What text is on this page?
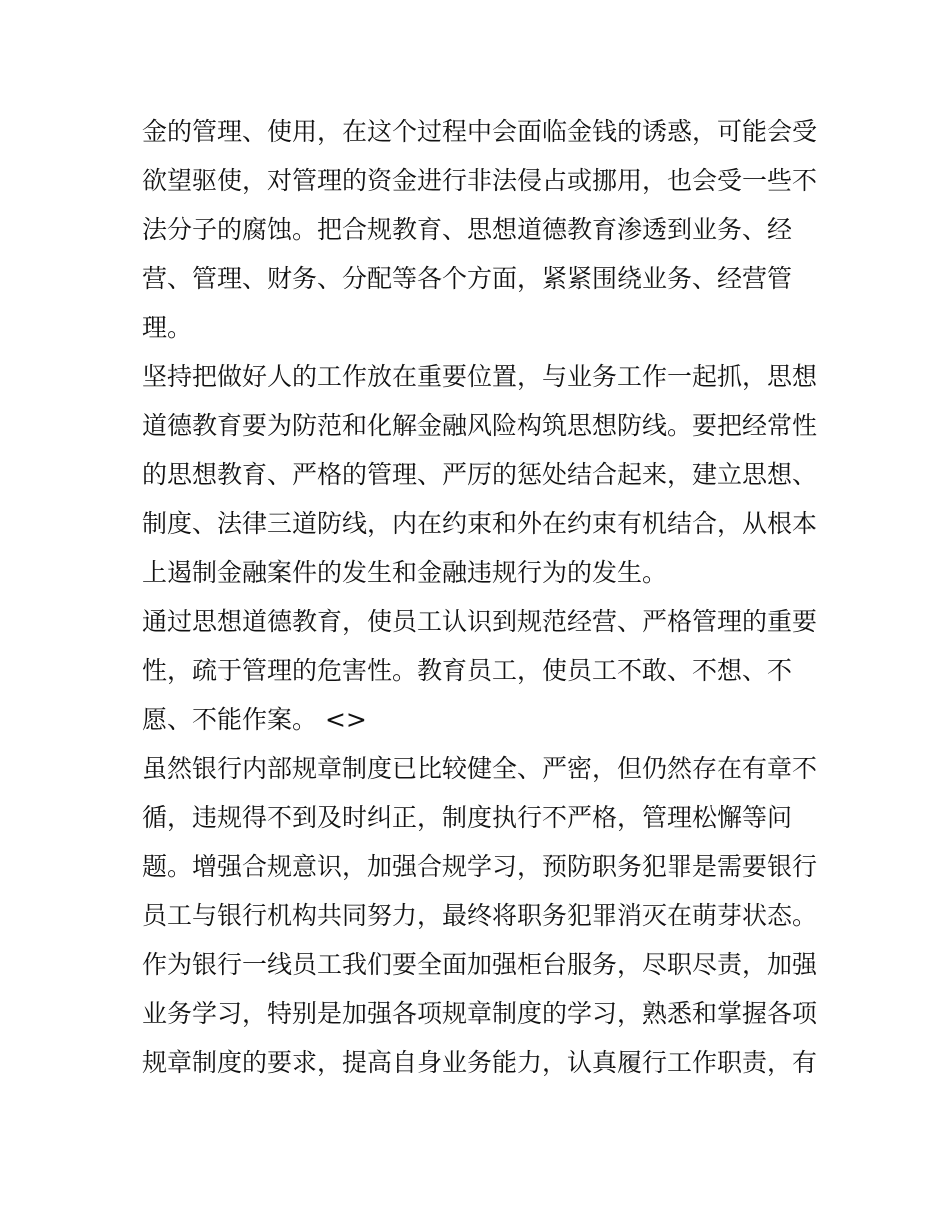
金的管理、使用，在这个过程中会面临金钱的诱惑，可能会受
欲望驱使，对管理的资金进行非法侵占或挪用，也会受一些不
法分子的腐蚀。把合规教育、思想道德教育渗透到业务、经
营、管理、财务、分配等各个方面，紧紧围绕业务、经营管
理。

坚持把做好人的工作放在重要位置，与业务工作一起抓，思想
道德教育要为防范和化解金融风险构筑思想防线。要把经常性
的思想教育、严格的管理、严厉的惩处结合起来，建立思想、
制度、法律三道防线，内在约束和外在约束有机结合，从根本
上遏制金融案件的发生和金融违规行为的发生。

通过思想道德教育，使员工认识到规范经营、严格管理的重要
性，疏于管理的危害性。教育员工，使员工不敢、不想、不
愿、不能作案。 <>

虽然银行内部规章制度已比较健全、严密，但仍然存在有章不
循，违规得不到及时纠正，制度执行不严格，管理松懈等问
题。增强合规意识，加强合规学习，预防职务犯罪是需要银行
员工与银行机构共同努力，最终将职务犯罪消灭在萌芽状态。

作为银行一线员工我们要全面加强柜台服务，尽职尽责，加强
业务学习，特别是加强各项规章制度的学习，熟悉和掌握各项
规章制度的要求，提高自身业务能力，认真履行工作职责，有
